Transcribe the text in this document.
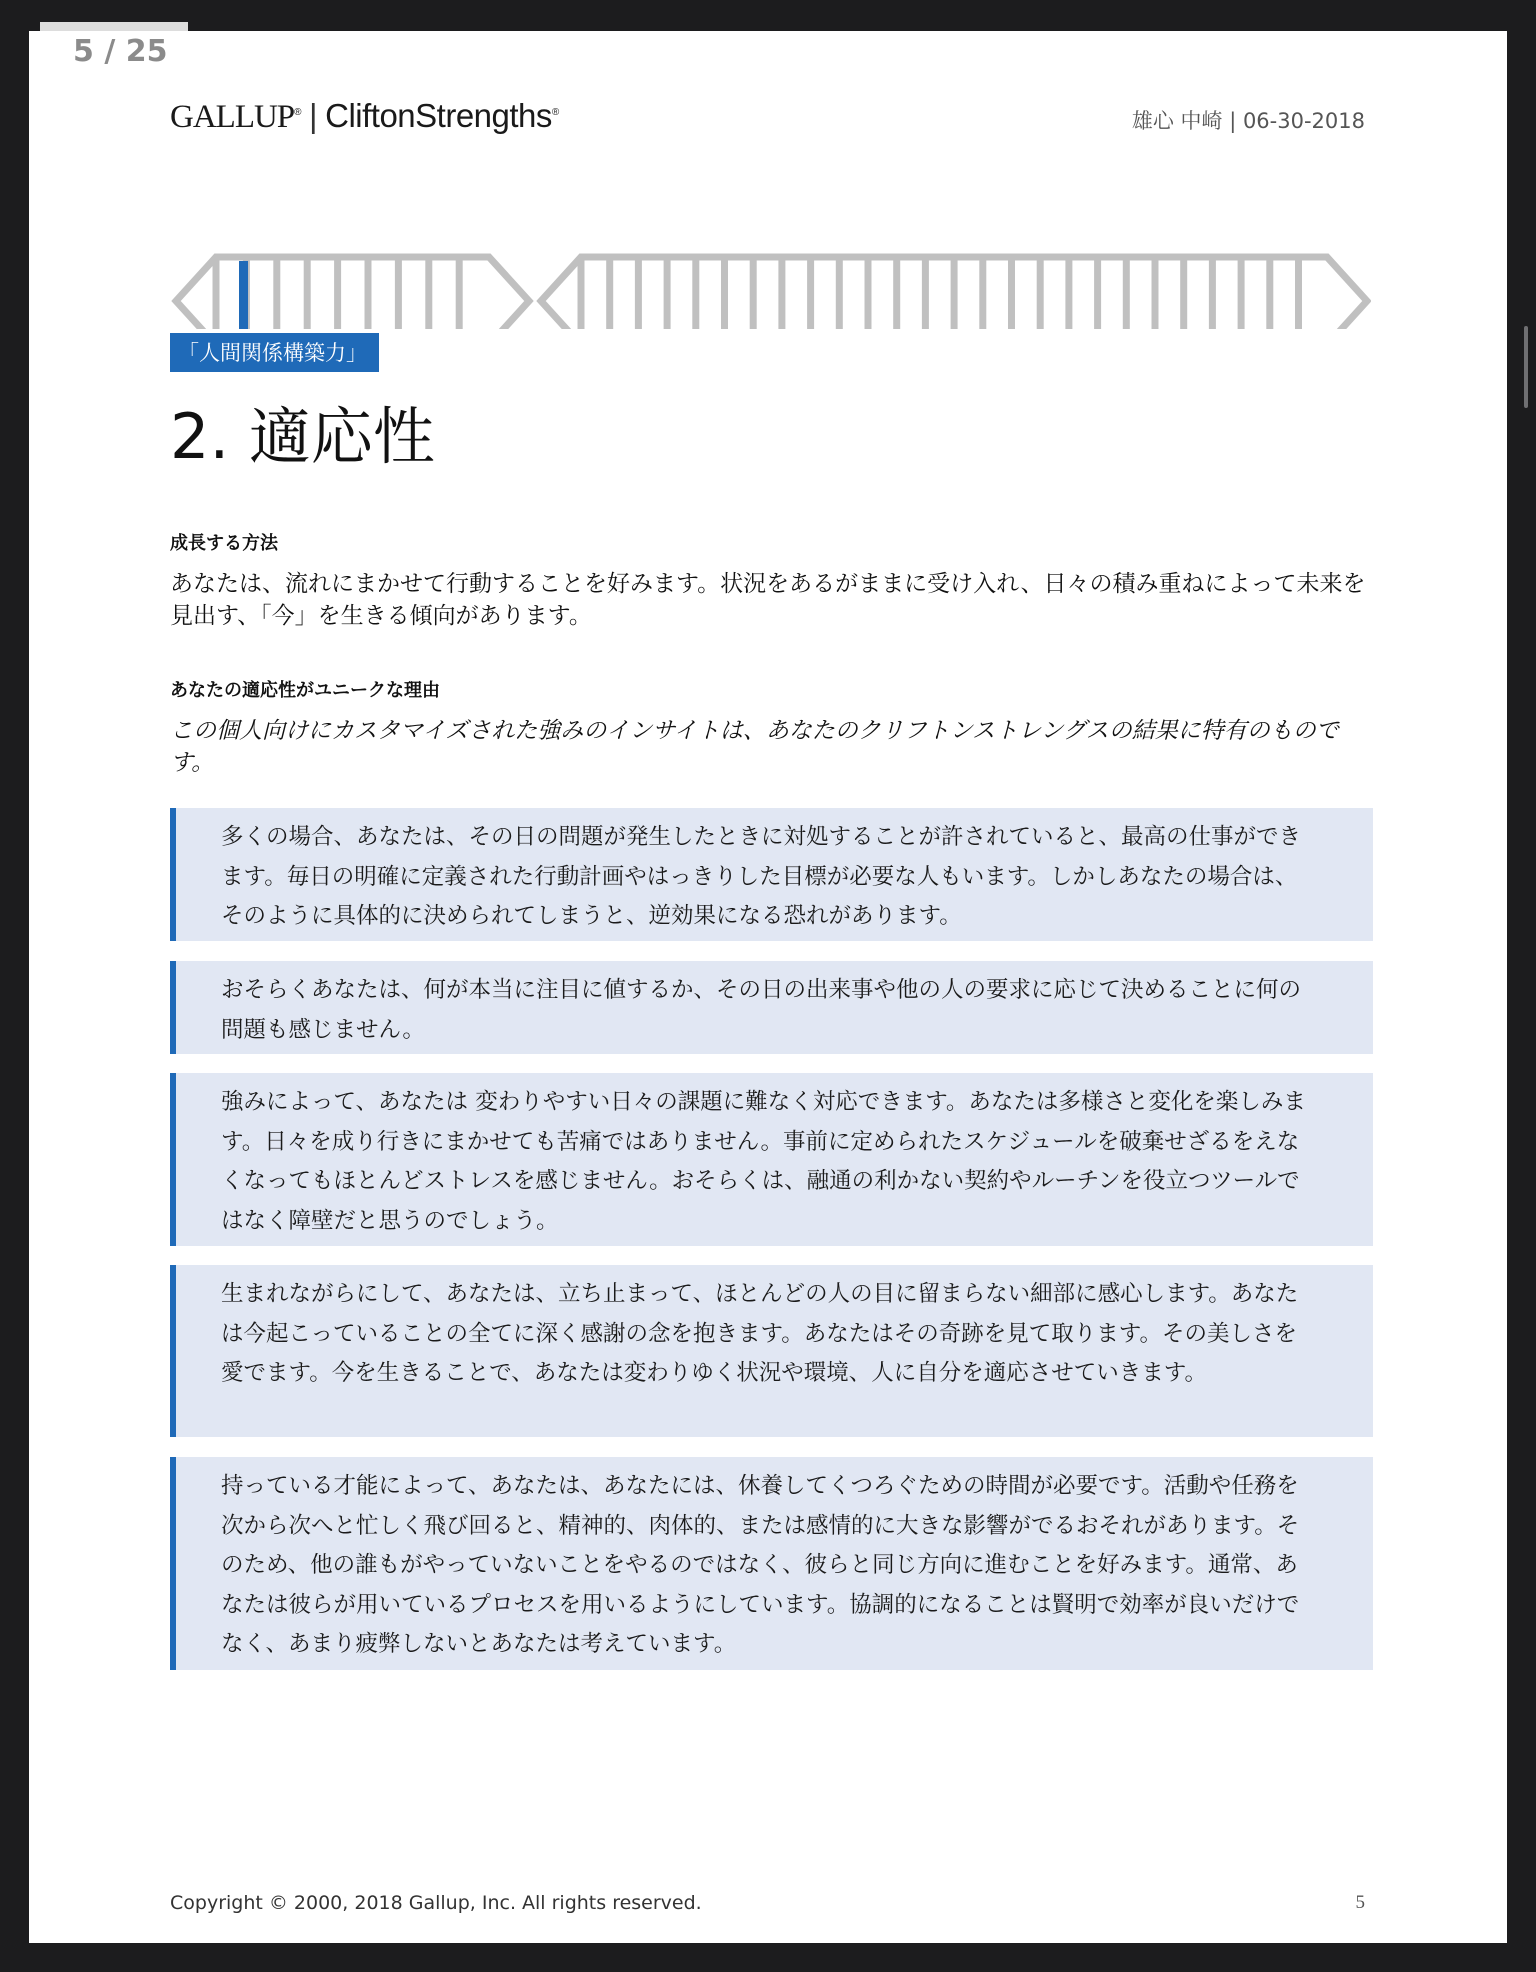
GALLUP® | CliftonStrengths®	雄心 中崎 | 06-30-2018
「人間関係構築力」
2. 適応性
成長する方法
あなたは、流れにまかせて行動することを好みます。状況をあるがままに受け入れ、日々の積み重ねによって未来を見出す、「今」を生きる傾向があります。
あなたの適応性がユニークな理由
この個人向けにカスタマイズされた強みのインサイトは、あなたのクリフトンストレングスの結果に特有のものです。
多くの場合、あなたは、その日の問題が発生したときに対処することが許されていると、最高の仕事ができます。毎日の明確に定義された行動計画やはっきりした目標が必要な人もいます。しかしあなたの場合は、そのように具体的に決められてしまうと、逆効果になる恐れがあります。
おそらくあなたは、何が本当に注目に値するか、その日の出来事や他の人の要求に応じて決めることに何の問題も感じません。
強みによって、あなたは 変わりやすい日々の課題に難なく対応できます。あなたは多様さと変化を楽しみます。日々を成り行きにまかせても苦痛ではありません。事前に定められたスケジュールを破棄せざるをえなくなってもほとんどストレスを感じません。おそらくは、融通の利かない契約やルーチンを役立つツールではなく障壁だと思うのでしょう。
生まれながらにして、あなたは、立ち止まって、ほとんどの人の目に留まらない細部に感心します。あなたは今起こっていることの全てに深く感謝の念を抱きます。あなたはその奇跡を見て取ります。その美しさを愛でます。今を生きることで、あなたは変わりゆく状況や環境、人に自分を適応させていきます。
持っている才能によって、あなたは、あなたには、休養してくつろぐための時間が必要です。活動や任務を次から次へと忙しく飛び回ると、精神的、肉体的、または感情的に大きな影響がでるおそれがあります。そのため、他の誰もがやっていないことをやるのではなく、彼らと同じ方向に進むことを好みます。通常、あなたは彼らが用いているプロセスを用いるようにしています。協調的になることは賢明で効率が良いだけでなく、あまり疲弊しないとあなたは考えています。
Copyright © 2000, 2018 Gallup, Inc. All rights reserved.	5
5 / 25
